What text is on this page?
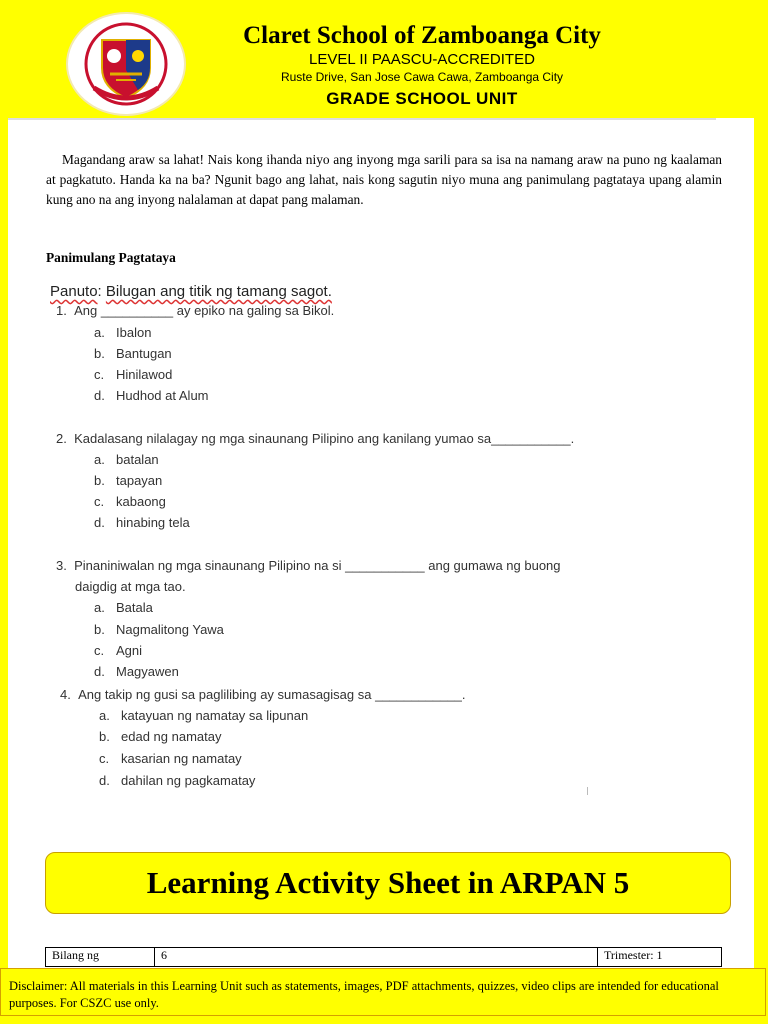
Claret School of Zamboanga City
LEVEL II PAASCU-ACCREDITED
Ruste Drive, San Jose Cawa Cawa, Zamboanga City
GRADE SCHOOL UNIT
Magandang araw sa lahat! Nais kong ihanda niyo ang inyong mga sarili para sa isa na namang araw na puno ng kaalaman at pagkatuto. Handa ka na ba? Ngunit bago ang lahat, nais kong sagutin niyo muna ang panimulang pagtataya upang alamin kung ano na ang inyong nalalaman at dapat pang malaman.
Panimulang Pagtataya
Panuto: Bilugan ang titik ng tamang sagot.
1. Ang __________ ay epiko na galing sa Bikol.
a. Ibalon
b. Bantugan
c. Hinilawod
d. Hudhod at Alum
2. Kadalasang nilalagay ng mga sinaunang Pilipino ang kanilang yumao sa___________.
a. batalan
b. tapayan
c. kabaong
d. hinabing tela
3. Pinaniniwalan ng mga sinaunang Pilipino na si ___________ ang gumawa ng buong
daigdig at mga tao.
a. Batala
b. Nagmalitong Yawa
c. Agni
d. Magyawen
4. Ang takip ng gusi sa paglilibing ay sumasagisag sa ____________.
a. katayuan ng namatay sa lipunan
b. edad ng namatay
c. kasarian ng namatay
d. dahilan ng pagkamatay
Learning Activity Sheet in ARPAN 5
Bilang ng	6	Trimester: 1
Disclaimer: All materials in this Learning Unit such as statements, images, PDF attachments, quizzes, video clips are intended for educational purposes. For CSZC use only.
